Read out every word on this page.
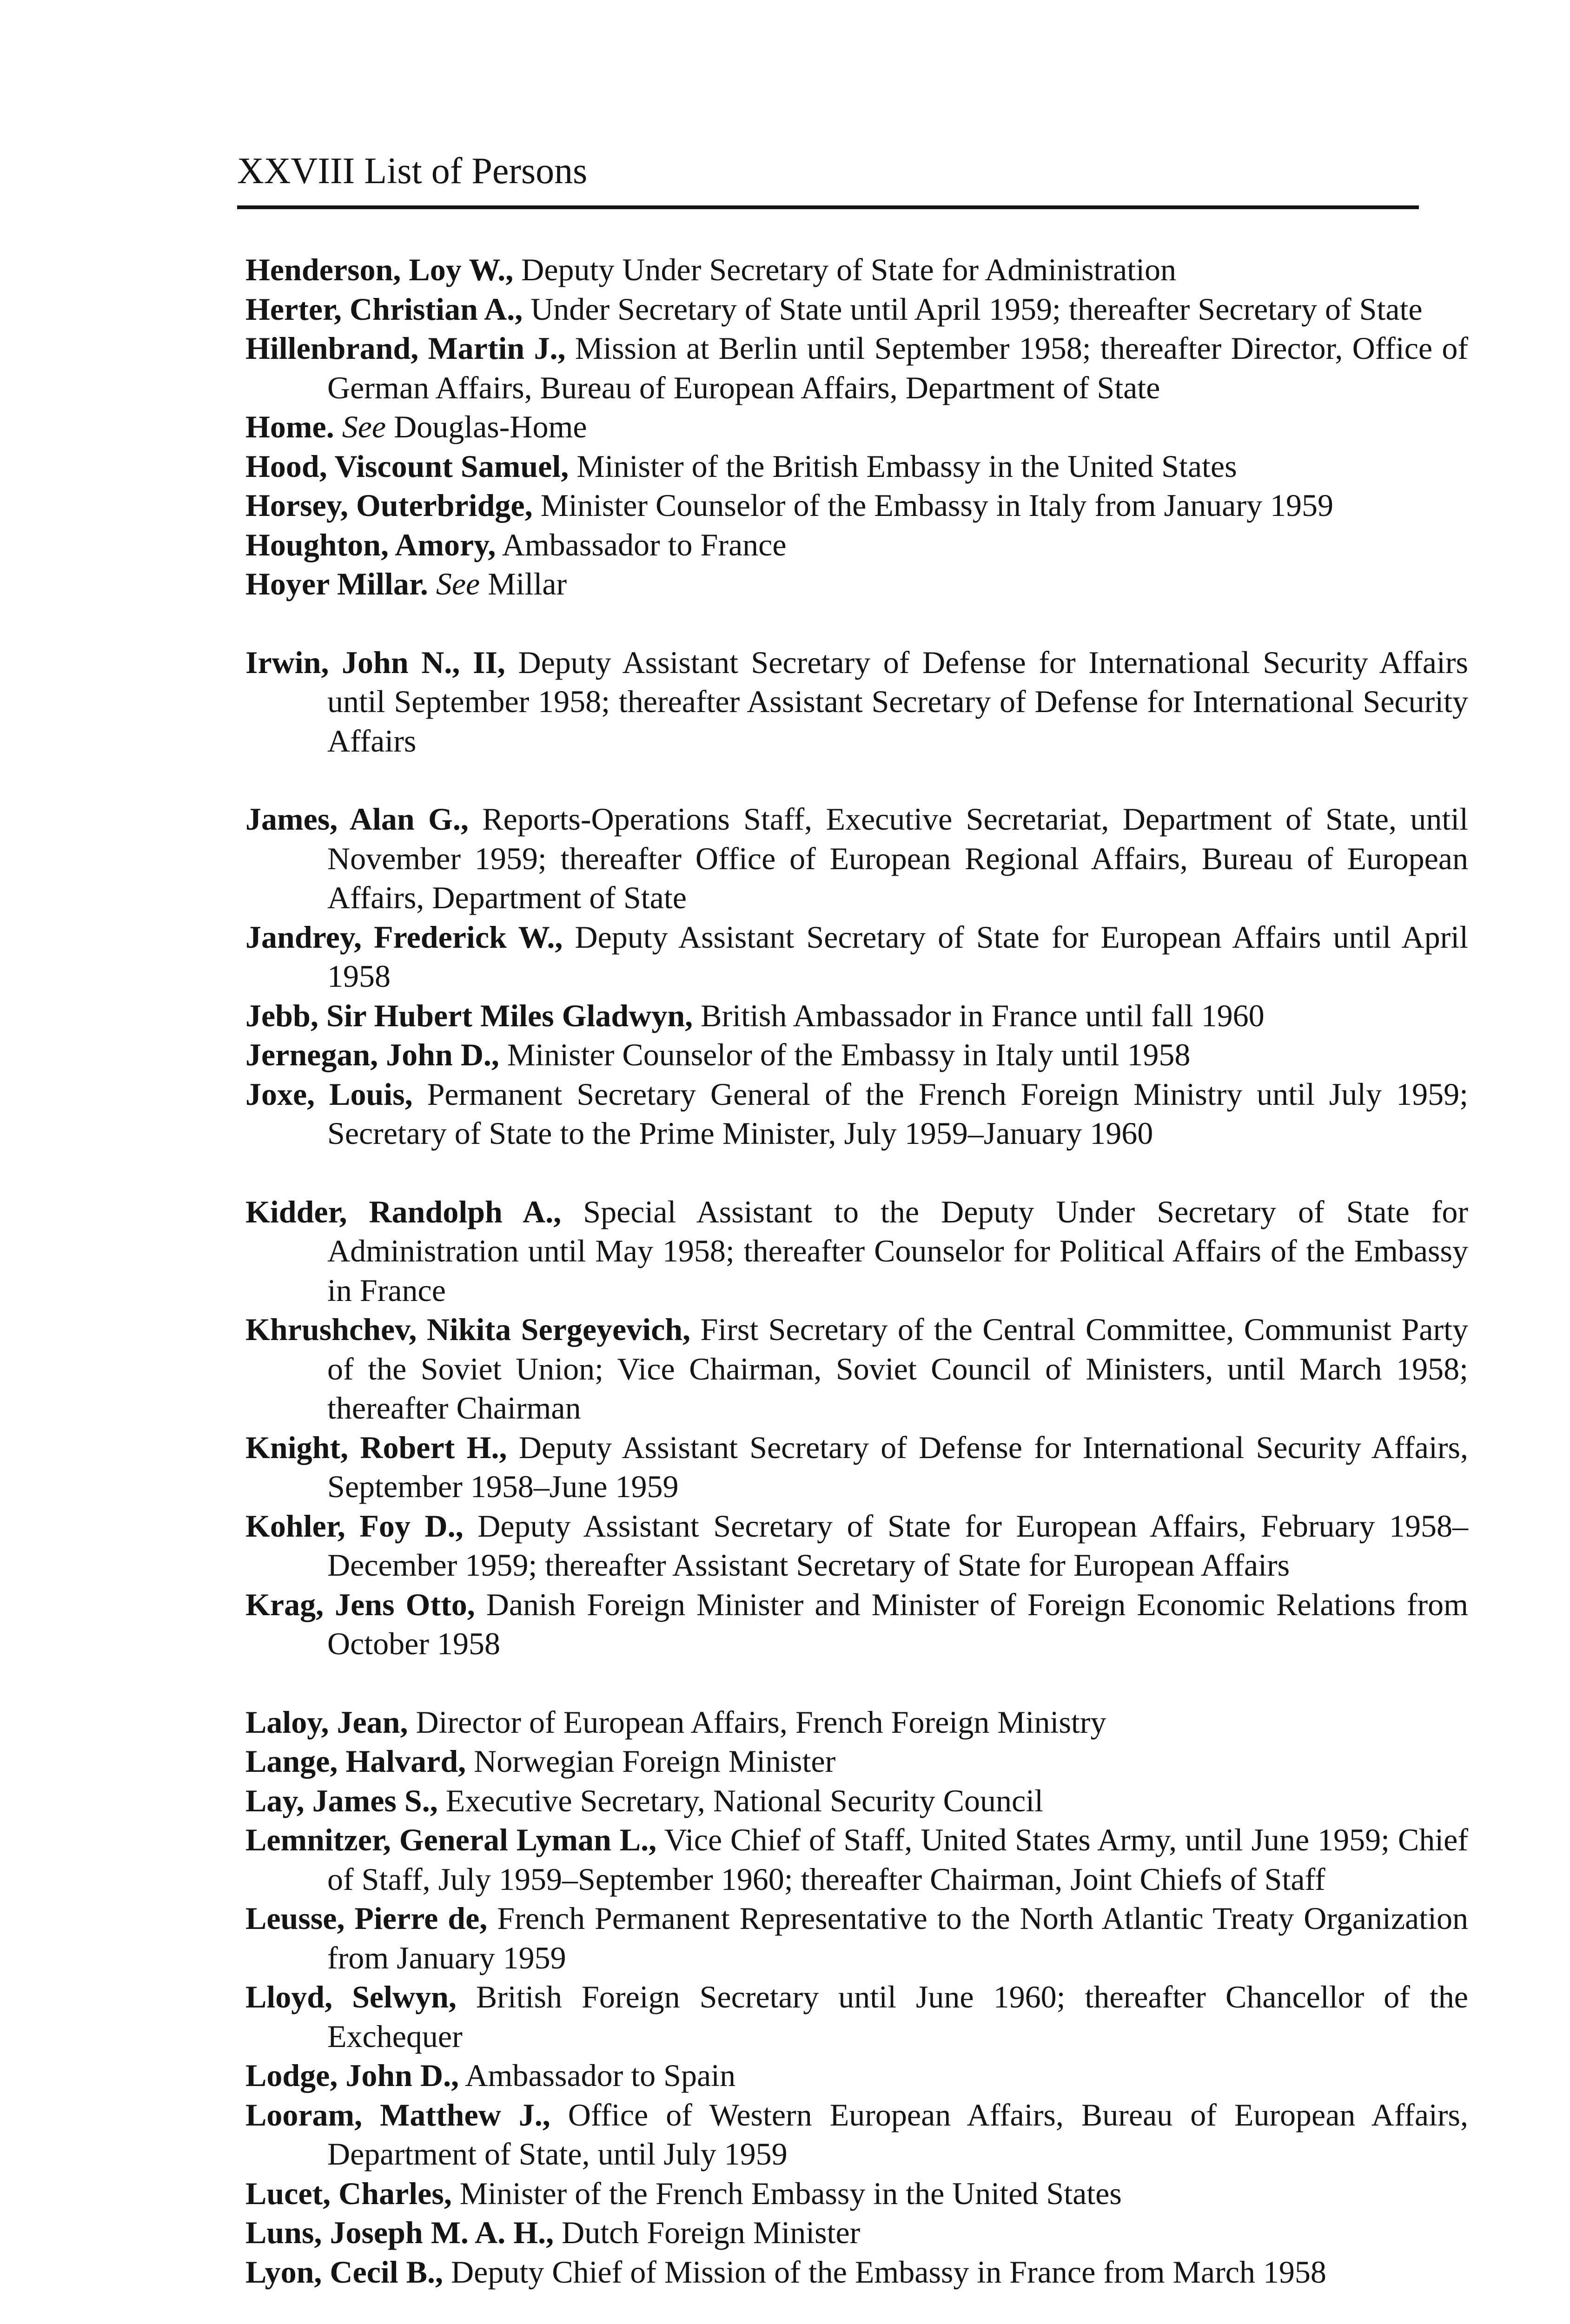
XXVIII List of Persons

Henderson, Loy W., Deputy Under Secretary of State for Administration

Herter, Christian A., Under Secretary of State until April 1959; thereafter Secretary of State

Hillenbrand, Martin J., Mission at Berlin until September 1958; thereafter Director, Office of German Affairs, Bureau of European Affairs, Department of State

Home. See Douglas-Home

Hood, Viscount Samuel, Minister of the British Embassy in the United States

Horsey, Outerbridge, Minister Counselor of the Embassy in Italy from January 1959

Houghton, Amory, Ambassador to France

Hoyer Millar. See Millar

Irwin, John N., II, Deputy Assistant Secretary of Defense for International Security Affairs until September 1958; thereafter Assistant Secretary of Defense for International Security Affairs

James, Alan G., Reports-Operations Staff, Executive Secretariat, Department of State, until November 1959; thereafter Office of European Regional Affairs, Bureau of European Affairs, Department of State

Jandrey, Frederick W., Deputy Assistant Secretary of State for European Affairs until April 1958

Jebb, Sir Hubert Miles Gladwyn, British Ambassador in France until fall 1960

Jernegan, John D., Minister Counselor of the Embassy in Italy until 1958

Joxe, Louis, Permanent Secretary General of the French Foreign Ministry until July 1959; Secretary of State to the Prime Minister, July 1959–January 1960

Kidder, Randolph A., Special Assistant to the Deputy Under Secretary of State for Administration until May 1958; thereafter Counselor for Political Affairs of the Embassy in France

Khrushchev, Nikita Sergeyevich, First Secretary of the Central Committee, Communist Party of the Soviet Union; Vice Chairman, Soviet Council of Ministers, until March 1958; thereafter Chairman

Knight, Robert H., Deputy Assistant Secretary of Defense for International Security Affairs, September 1958–June 1959

Kohler, Foy D., Deputy Assistant Secretary of State for European Affairs, February 1958–December 1959; thereafter Assistant Secretary of State for European Affairs

Krag, Jens Otto, Danish Foreign Minister and Minister of Foreign Economic Relations from October 1958

Laloy, Jean, Director of European Affairs, French Foreign Ministry

Lange, Halvard, Norwegian Foreign Minister

Lay, James S., Executive Secretary, National Security Council

Lemnitzer, General Lyman L., Vice Chief of Staff, United States Army, until June 1959; Chief of Staff, July 1959–September 1960; thereafter Chairman, Joint Chiefs of Staff

Leusse, Pierre de, French Permanent Representative to the North Atlantic Treaty Organization from January 1959

Lloyd, Selwyn, British Foreign Secretary until June 1960; thereafter Chancellor of the Exchequer

Lodge, John D., Ambassador to Spain

Looram, Matthew J., Office of Western European Affairs, Bureau of European Affairs, Department of State, until July 1959

Lucet, Charles, Minister of the French Embassy in the United States

Luns, Joseph M. A. H., Dutch Foreign Minister

Lyon, Cecil B., Deputy Chief of Mission of the Embassy in France from March 1958
